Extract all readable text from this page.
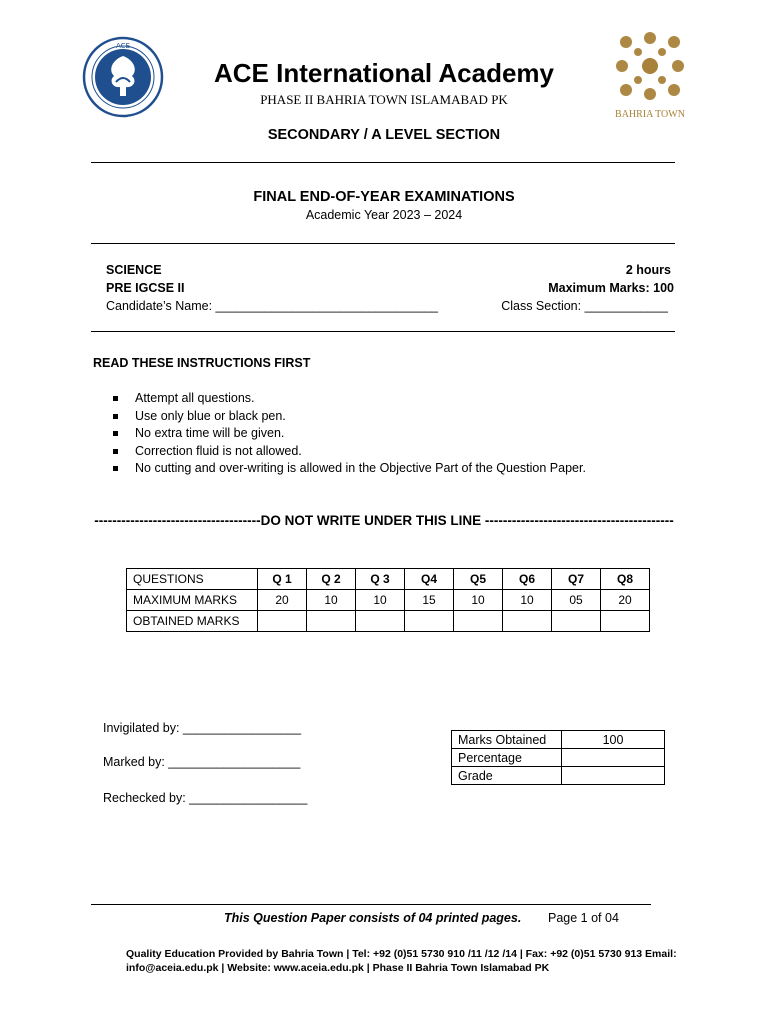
ACE
BAHRIA TOWN
ACE International Academy
PHASE II BAHRIA TOWN ISLAMABAD PK
SECONDARY / A LEVEL SECTION
FINAL END-OF-YEAR EXAMINATIONS
Academic Year 2023 – 2024
SCIENCE	2 hours
PRE IGCSE II	Maximum Marks: 100
Candidate’s Name: ________________________________	Class Section: ____________
READ THESE INSTRUCTIONS FIRST
Attempt all questions.
Use only blue or black pen.
No extra time will be given.
Correction fluid is not allowed.
No cutting and over-writing is allowed in the Objective Part of the Question Paper.
-------------------------------------DO NOT WRITE UNDER THIS LINE ------------------------------------------
QUESTIONS	Q 1	Q 2	Q 3	Q4	Q5	Q6	Q7	Q8
MAXIMUM MARKS	20	10	10	15	10	10	05	20
OBTAINED MARKS								
Invigilated by: _________________
Marked by: ___________________
Rechecked by: _________________
Marks Obtained	100
Percentage	
Grade	
This Question Paper consists of 04 printed pages. Page 1 of 04
Quality Education Provided by Bahria Town | Tel: +92 (0)51 5730 910 /11 /12 /14 | Fax: +92 (0)51 5730 913 Email: info@aceia.edu.pk | Website: www.aceia.edu.pk | Phase II Bahria Town Islamabad PK
